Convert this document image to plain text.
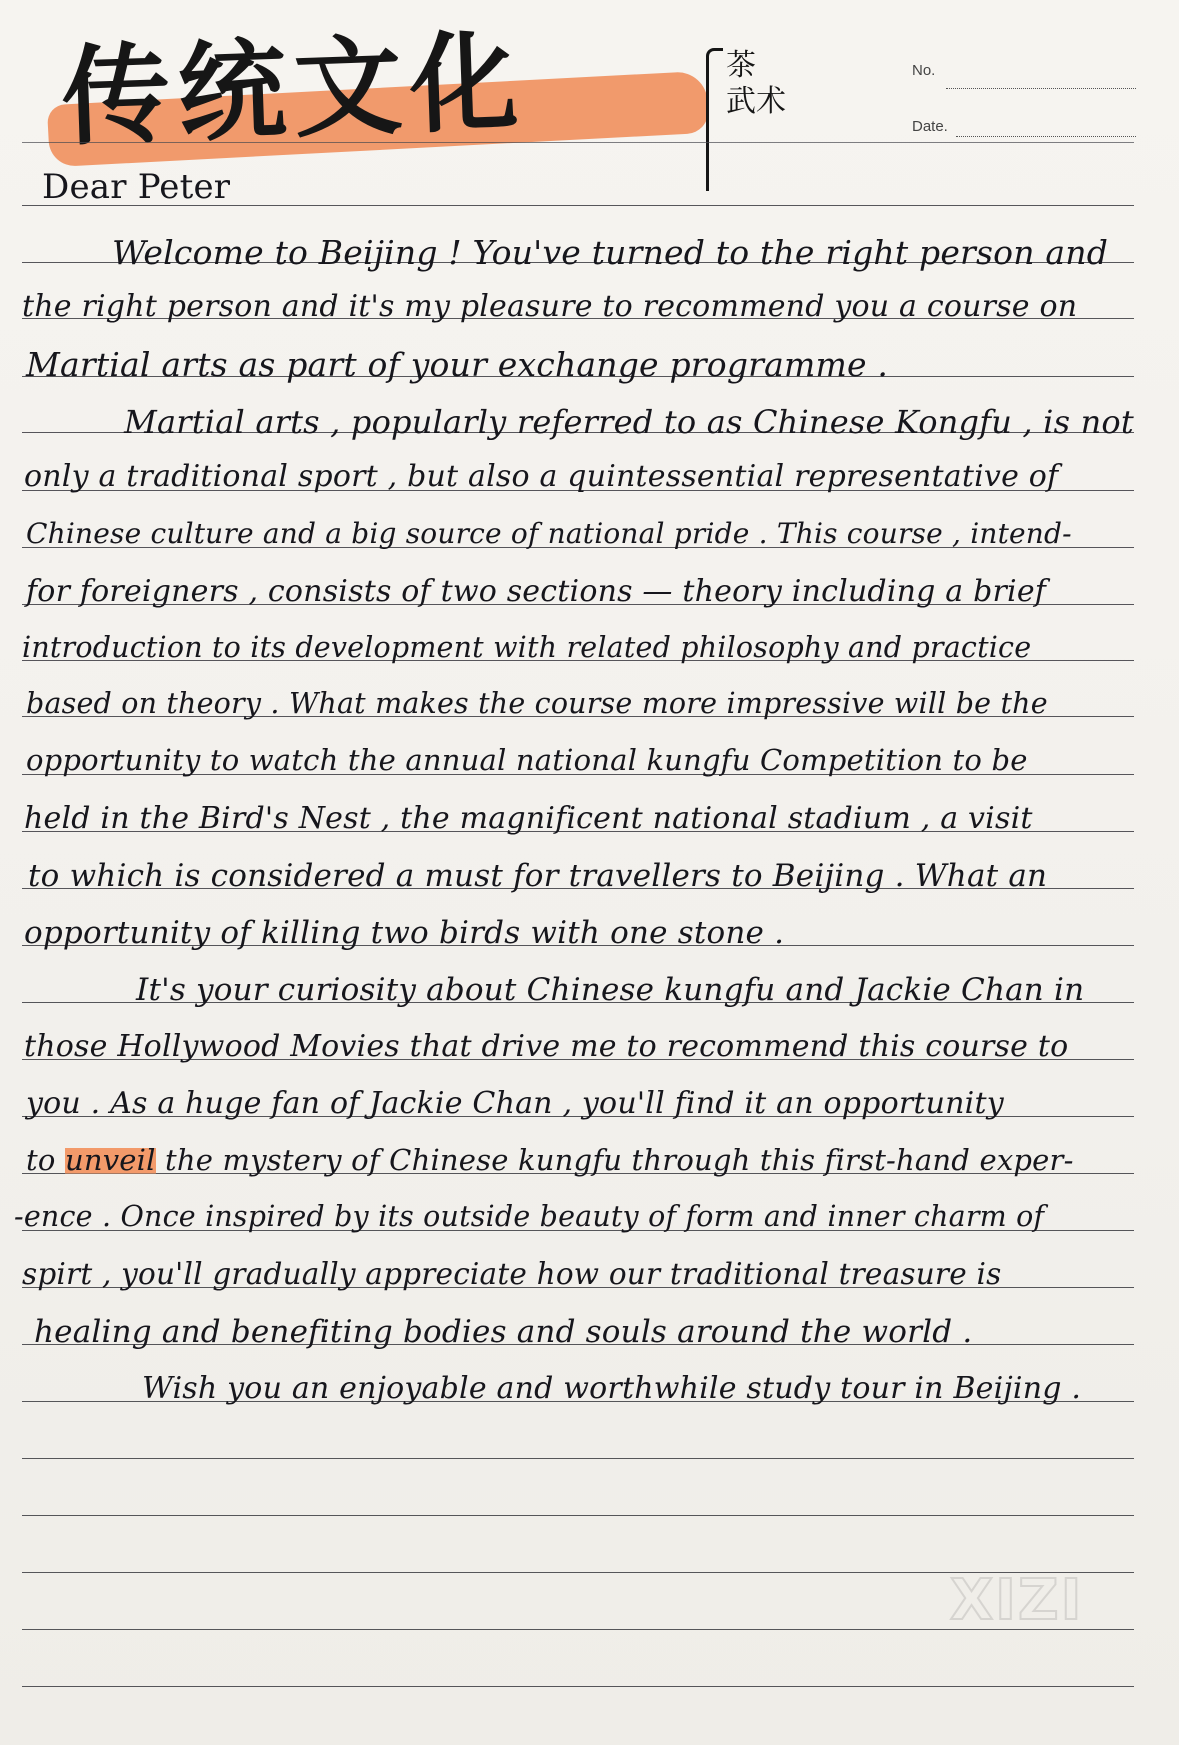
传统文化	茶
武术
No.
Date.
Dear Peter
Welcome to Beijing ! You've turned to the right person and
the right person and it's my pleasure to recommend you a course on
Martial arts as part of your exchange programme .
Martial arts , popularly referred to as Chinese Kongfu , is not
only a traditional sport , but also a quintessential representative of
Chinese culture and a big source of national pride . This course , intend-
for foreigners , consists of two sections — theory including a brief
introduction to its development with related philosophy and practice
based on theory . What makes the course more impressive will be the
opportunity to watch the annual national kungfu Competition to be
held in the Bird's Nest , the magnificent national stadium , a visit
to which is considered a must for travellers to Beijing . What an
opportunity of killing two birds with one stone .
It's your curiosity about Chinese kungfu and Jackie Chan in
those Hollywood Movies that drive me to recommend this course to
you . As a huge fan of Jackie Chan , you'll find it an opportunity
to unveil the mystery of Chinese kungfu through this first-hand exper-
-ence . Once inspired by its outside beauty of form and inner charm of
spirt , you'll gradually appreciate how our traditional treasure is
healing and benefiting bodies and souls around the world .
Wish you an enjoyable and worthwhile study tour in Beijing .
XIZI
